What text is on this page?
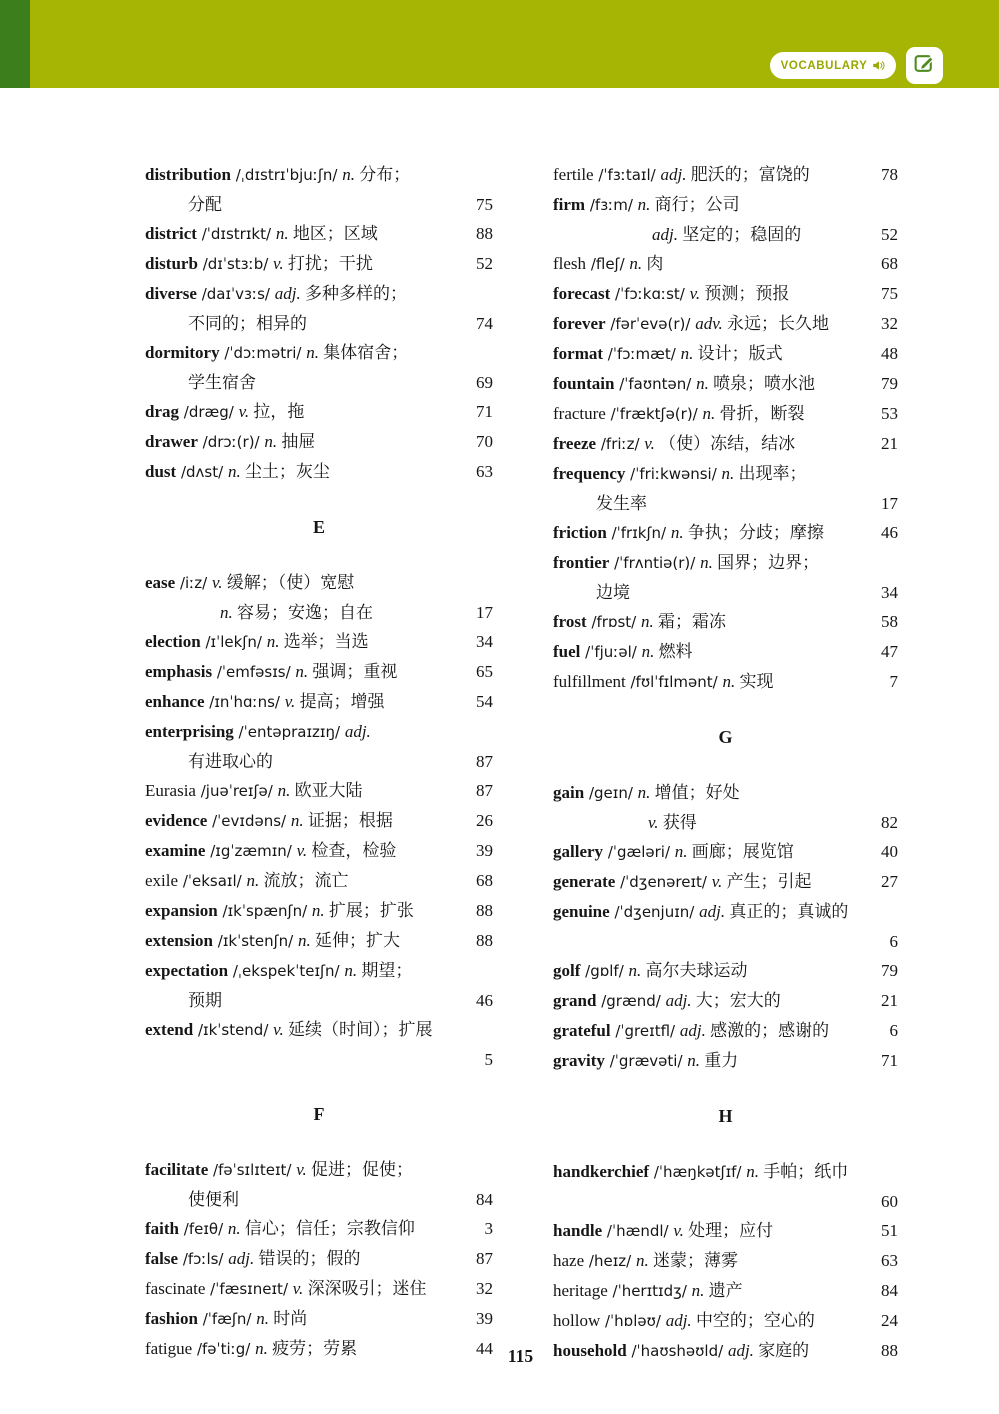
VOCABULARY
distribution /ˌdɪstrɪˈbjuːʃn/ n. 分布；
分配	75
district /ˈdɪstrɪkt/ n. 地区；区域	88
disturb /dɪˈstɜːb/ v. 打扰；干扰	52
diverse /daɪˈvɜːs/ adj. 多种多样的；
不同的；相异的	74
dormitory /ˈdɔːmətri/ n. 集体宿舍；
学生宿舍	69
drag /dræg/ v. 拉，拖	71
drawer /drɔː(r)/ n. 抽屉	70
dust /dʌst/ n. 尘土；灰尘	63
E
ease /iːz/ v. 缓解；（使）宽慰
n. 容易；安逸；自在	17
election /ɪˈlekʃn/ n. 选举；当选	34
emphasis /ˈemfəsɪs/ n. 强调；重视	65
enhance /ɪnˈhɑːns/ v. 提高；增强	54
enterprising /ˈentəpraɪzɪŋ/ adj.
有进取心的	87
Eurasia /juəˈreɪʃə/ n. 欧亚大陆	87
evidence /ˈevɪdəns/ n. 证据；根据	26
examine /ɪgˈzæmɪn/ v. 检查，检验	39
exile /ˈeksaɪl/ n. 流放；流亡	68
expansion /ɪkˈspænʃn/ n. 扩展；扩张	88
extension /ɪkˈstenʃn/ n. 延伸；扩大	88
expectation /ˌekspekˈteɪʃn/ n. 期望；
预期	46
extend /ɪkˈstend/ v. 延续（时间）；扩展
5
F
facilitate /fəˈsɪlɪteɪt/ v. 促进；促使；
使便利	84
faith /feɪθ/ n. 信心；信任；宗教信仰	3
false /fɔːls/ adj. 错误的；假的	87
fascinate /ˈfæsɪneɪt/ v. 深深吸引；迷住	32
fashion /ˈfæʃn/ n. 时尚	39
fatigue /fəˈtiːg/ n. 疲劳；劳累	44
fertile /ˈfɜːtaɪl/ adj. 肥沃的；富饶的	78
firm /fɜːm/ n. 商行；公司
adj. 坚定的；稳固的	52
flesh /fleʃ/ n. 肉	68
forecast /ˈfɔːkɑːst/ v. 预测；预报	75
forever /fərˈevə(r)/ adv. 永远；长久地	32
format /ˈfɔːmæt/ n. 设计；版式	48
fountain /ˈfaʊntən/ n. 喷泉；喷水池	79
fracture /ˈfræktʃə(r)/ n. 骨折，断裂	53
freeze /friːz/ v. （使）冻结，结冰	21
frequency /ˈfriːkwənsi/ n. 出现率；
发生率	17
friction /ˈfrɪkʃn/ n. 争执；分歧；摩擦	46
frontier /ˈfrʌntiə(r)/ n. 国界；边界；
边境	34
frost /frɒst/ n. 霜；霜冻	58
fuel /ˈfjuːəl/ n. 燃料	47
fulfillment /fʊlˈfɪlmənt/ n. 实现	7
G
gain /geɪn/ n. 增值；好处
v. 获得	82
gallery /ˈgæləri/ n. 画廊；展览馆	40
generate /ˈdʒenəreɪt/ v. 产生；引起	27
genuine /ˈdʒenjuɪn/ adj. 真正的；真诚的
6
golf /gɒlf/ n. 高尔夫球运动	79
grand /grænd/ adj. 大；宏大的	21
grateful /ˈgreɪtfl/ adj. 感激的；感谢的	6
gravity /ˈgrævəti/ n. 重力	71
H
handkerchief /ˈhæŋkətʃɪf/ n. 手帕；纸巾
60
handle /ˈhændl/ v. 处理；应付	51
haze /heɪz/ n. 迷蒙；薄雾	63
heritage /ˈherɪtɪdʒ/ n. 遗产	84
hollow /ˈhɒləʊ/ adj. 中空的；空心的	24
household /ˈhaʊshəʊld/ adj. 家庭的	88
115
